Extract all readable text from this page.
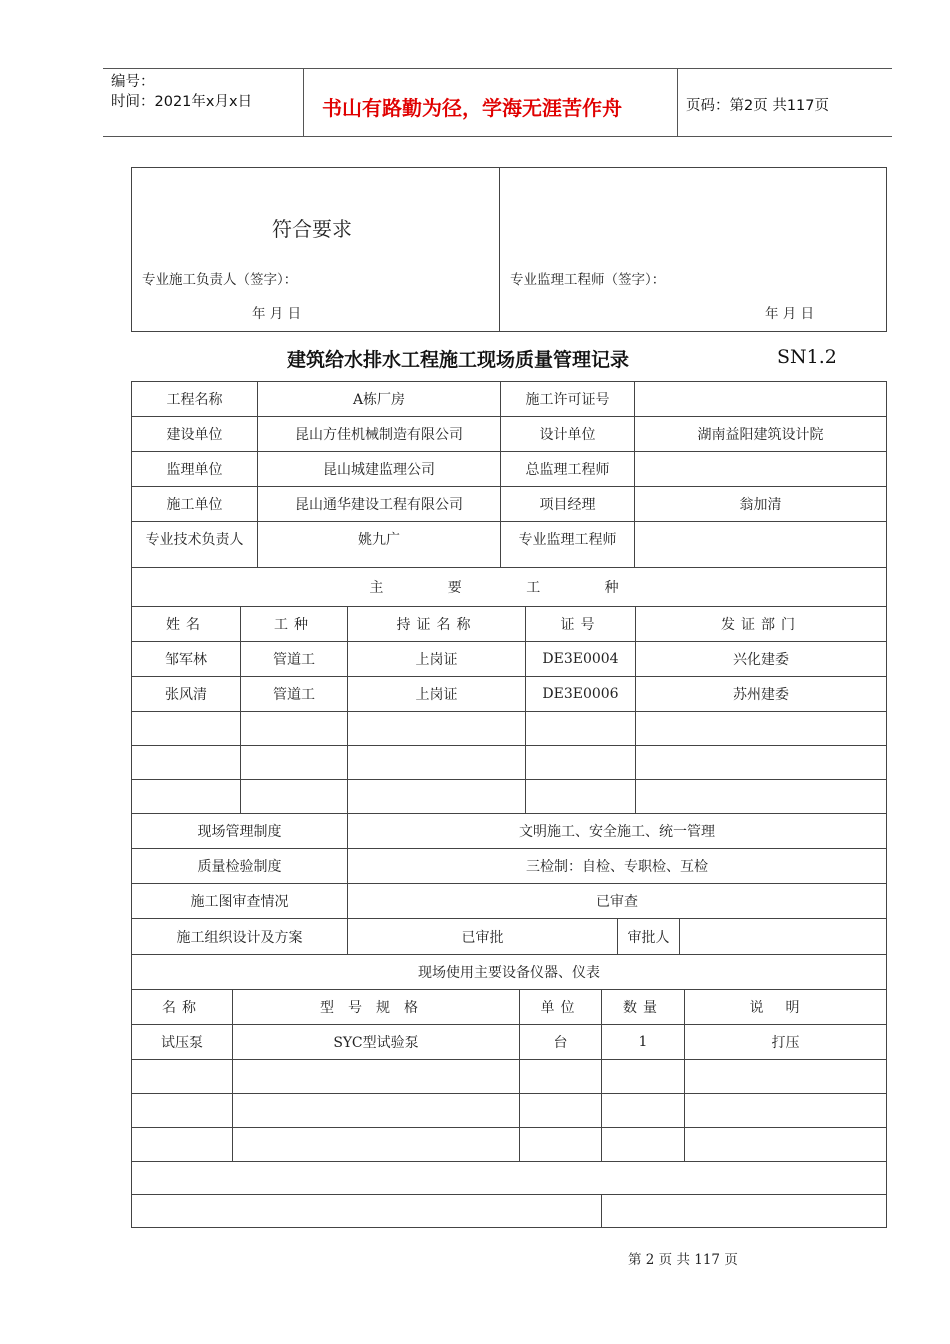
编号：
时间：2021年x月x日	书山有路勤为径，学海无涯苦作舟	页码：第2页 共117页
符合要求
专业施工负责人（签字）：
年 月 日

专业监理工程师（签字）：
年 月 日
建筑给水排水工程施工现场质量管理记录	SN1.2
工程名称	A栋厂房	施工许可证号	
建设单位	昆山方佳机械制造有限公司	设计单位	湖南益阳建筑设计院
监理单位	昆山城建监理公司	总监理工程师	
施工单位	昆山通华建设工程有限公司	项目经理	翁加清
专业技术负责人	姚九广	专业监理工程师	
主 要 工 种			
姓名	工种	持证名称	证号	发证部门
邹军林	管道工	上岗证	DE3E0004	兴化建委
张风清	管道工	上岗证	DE3E0006	苏州建委

现场管理制度	文明施工、安全施工、统一管理		
质量检验制度	三检制：自检、专职检、互检		
施工图审查情况	已审查		
施工组织设计及方案	已审批	审批人	
现场使用主要设备仪器、仪表			
名称	型号规格	单位	数量	说明
试压泵	SYC型试验泵	台	1	打压

第 2 页 共 117 页
